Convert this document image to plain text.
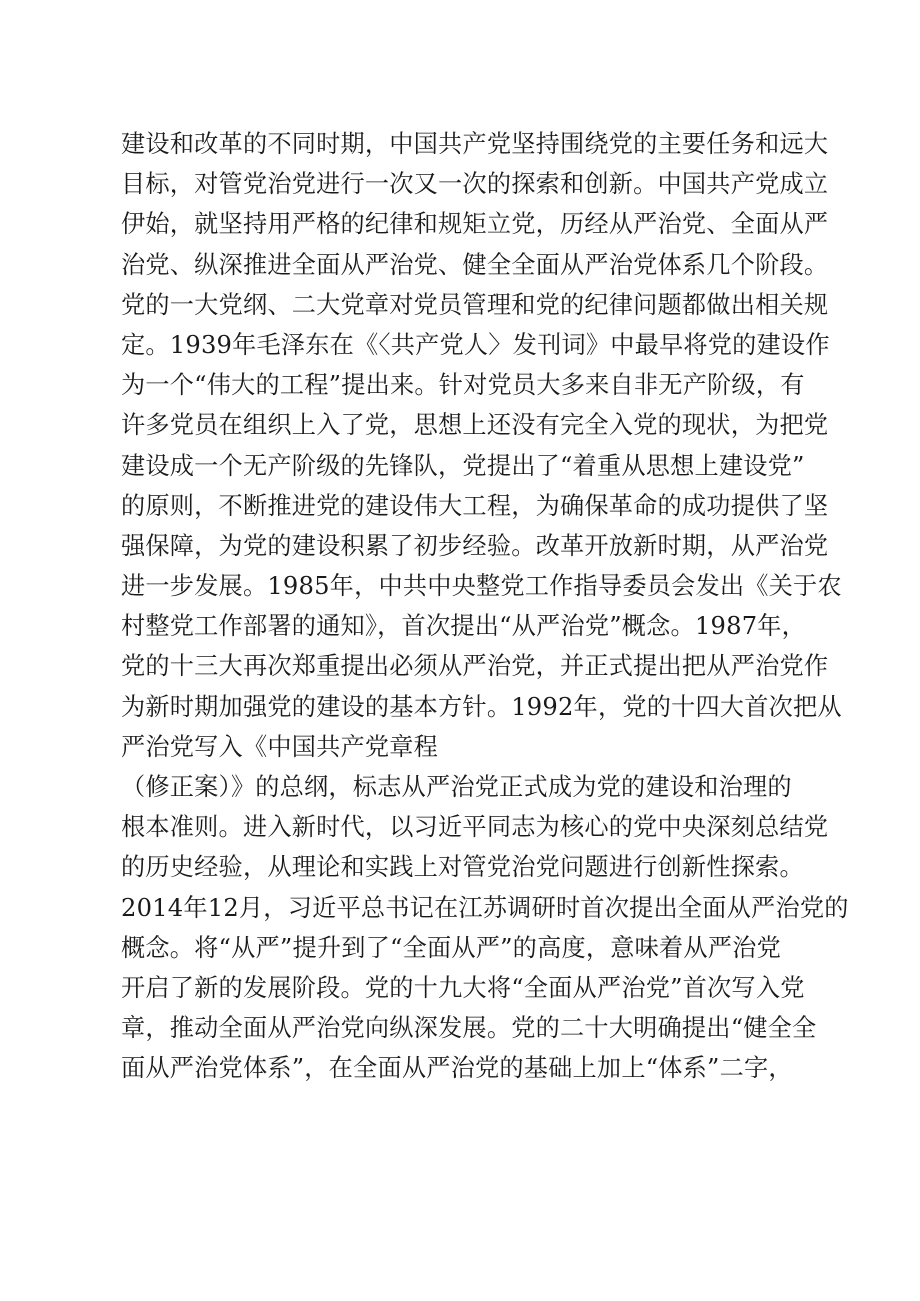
建设和改革的不同时期，中国共产党坚持围绕党的主要任务和远大
目标，对管党治党进行一次又一次的探索和创新。中国共产党成立
伊始，就坚持用严格的纪律和规矩立党，历经从严治党、全面从严
治党、纵深推进全面从严治党、健全全面从严治党体系几个阶段。
党的一大党纲、二大党章对党员管理和党的纪律问题都做出相关规
定。1939年毛泽东在《〈共产党人〉发刊词》中最早将党的建设作
为一个“伟大的工程”提出来。针对党员大多来自非无产阶级，有
许多党员在组织上入了党，思想上还没有完全入党的现状，为把党
建设成一个无产阶级的先锋队，党提出了“着重从思想上建设党”
的原则，不断推进党的建设伟大工程，为确保革命的成功提供了坚
强保障，为党的建设积累了初步经验。改革开放新时期，从严治党
进一步发展。1985年，中共中央整党工作指导委员会发出《关于农
村整党工作部署的通知》，首次提出“从严治党”概念。1987年，
党的十三大再次郑重提出必须从严治党，并正式提出把从严治党作
为新时期加强党的建设的基本方针。1992年，党的十四大首次把从
严治党写入《中国共产党章程
（修正案）》的总纲，标志从严治党正式成为党的建设和治理的
根本准则。进入新时代，以习近平同志为核心的党中央深刻总结党
的历史经验，从理论和实践上对管党治党问题进行创新性探索。
2014年12月，习近平总书记在江苏调研时首次提出全面从严治党的
概念。将“从严”提升到了“全面从严”的高度，意味着从严治党
开启了新的发展阶段。党的十九大将“全面从严治党”首次写入党
章，推动全面从严治党向纵深发展。党的二十大明确提出“健全全
面从严治党体系”，在全面从严治党的基础上加上“体系”二字，
